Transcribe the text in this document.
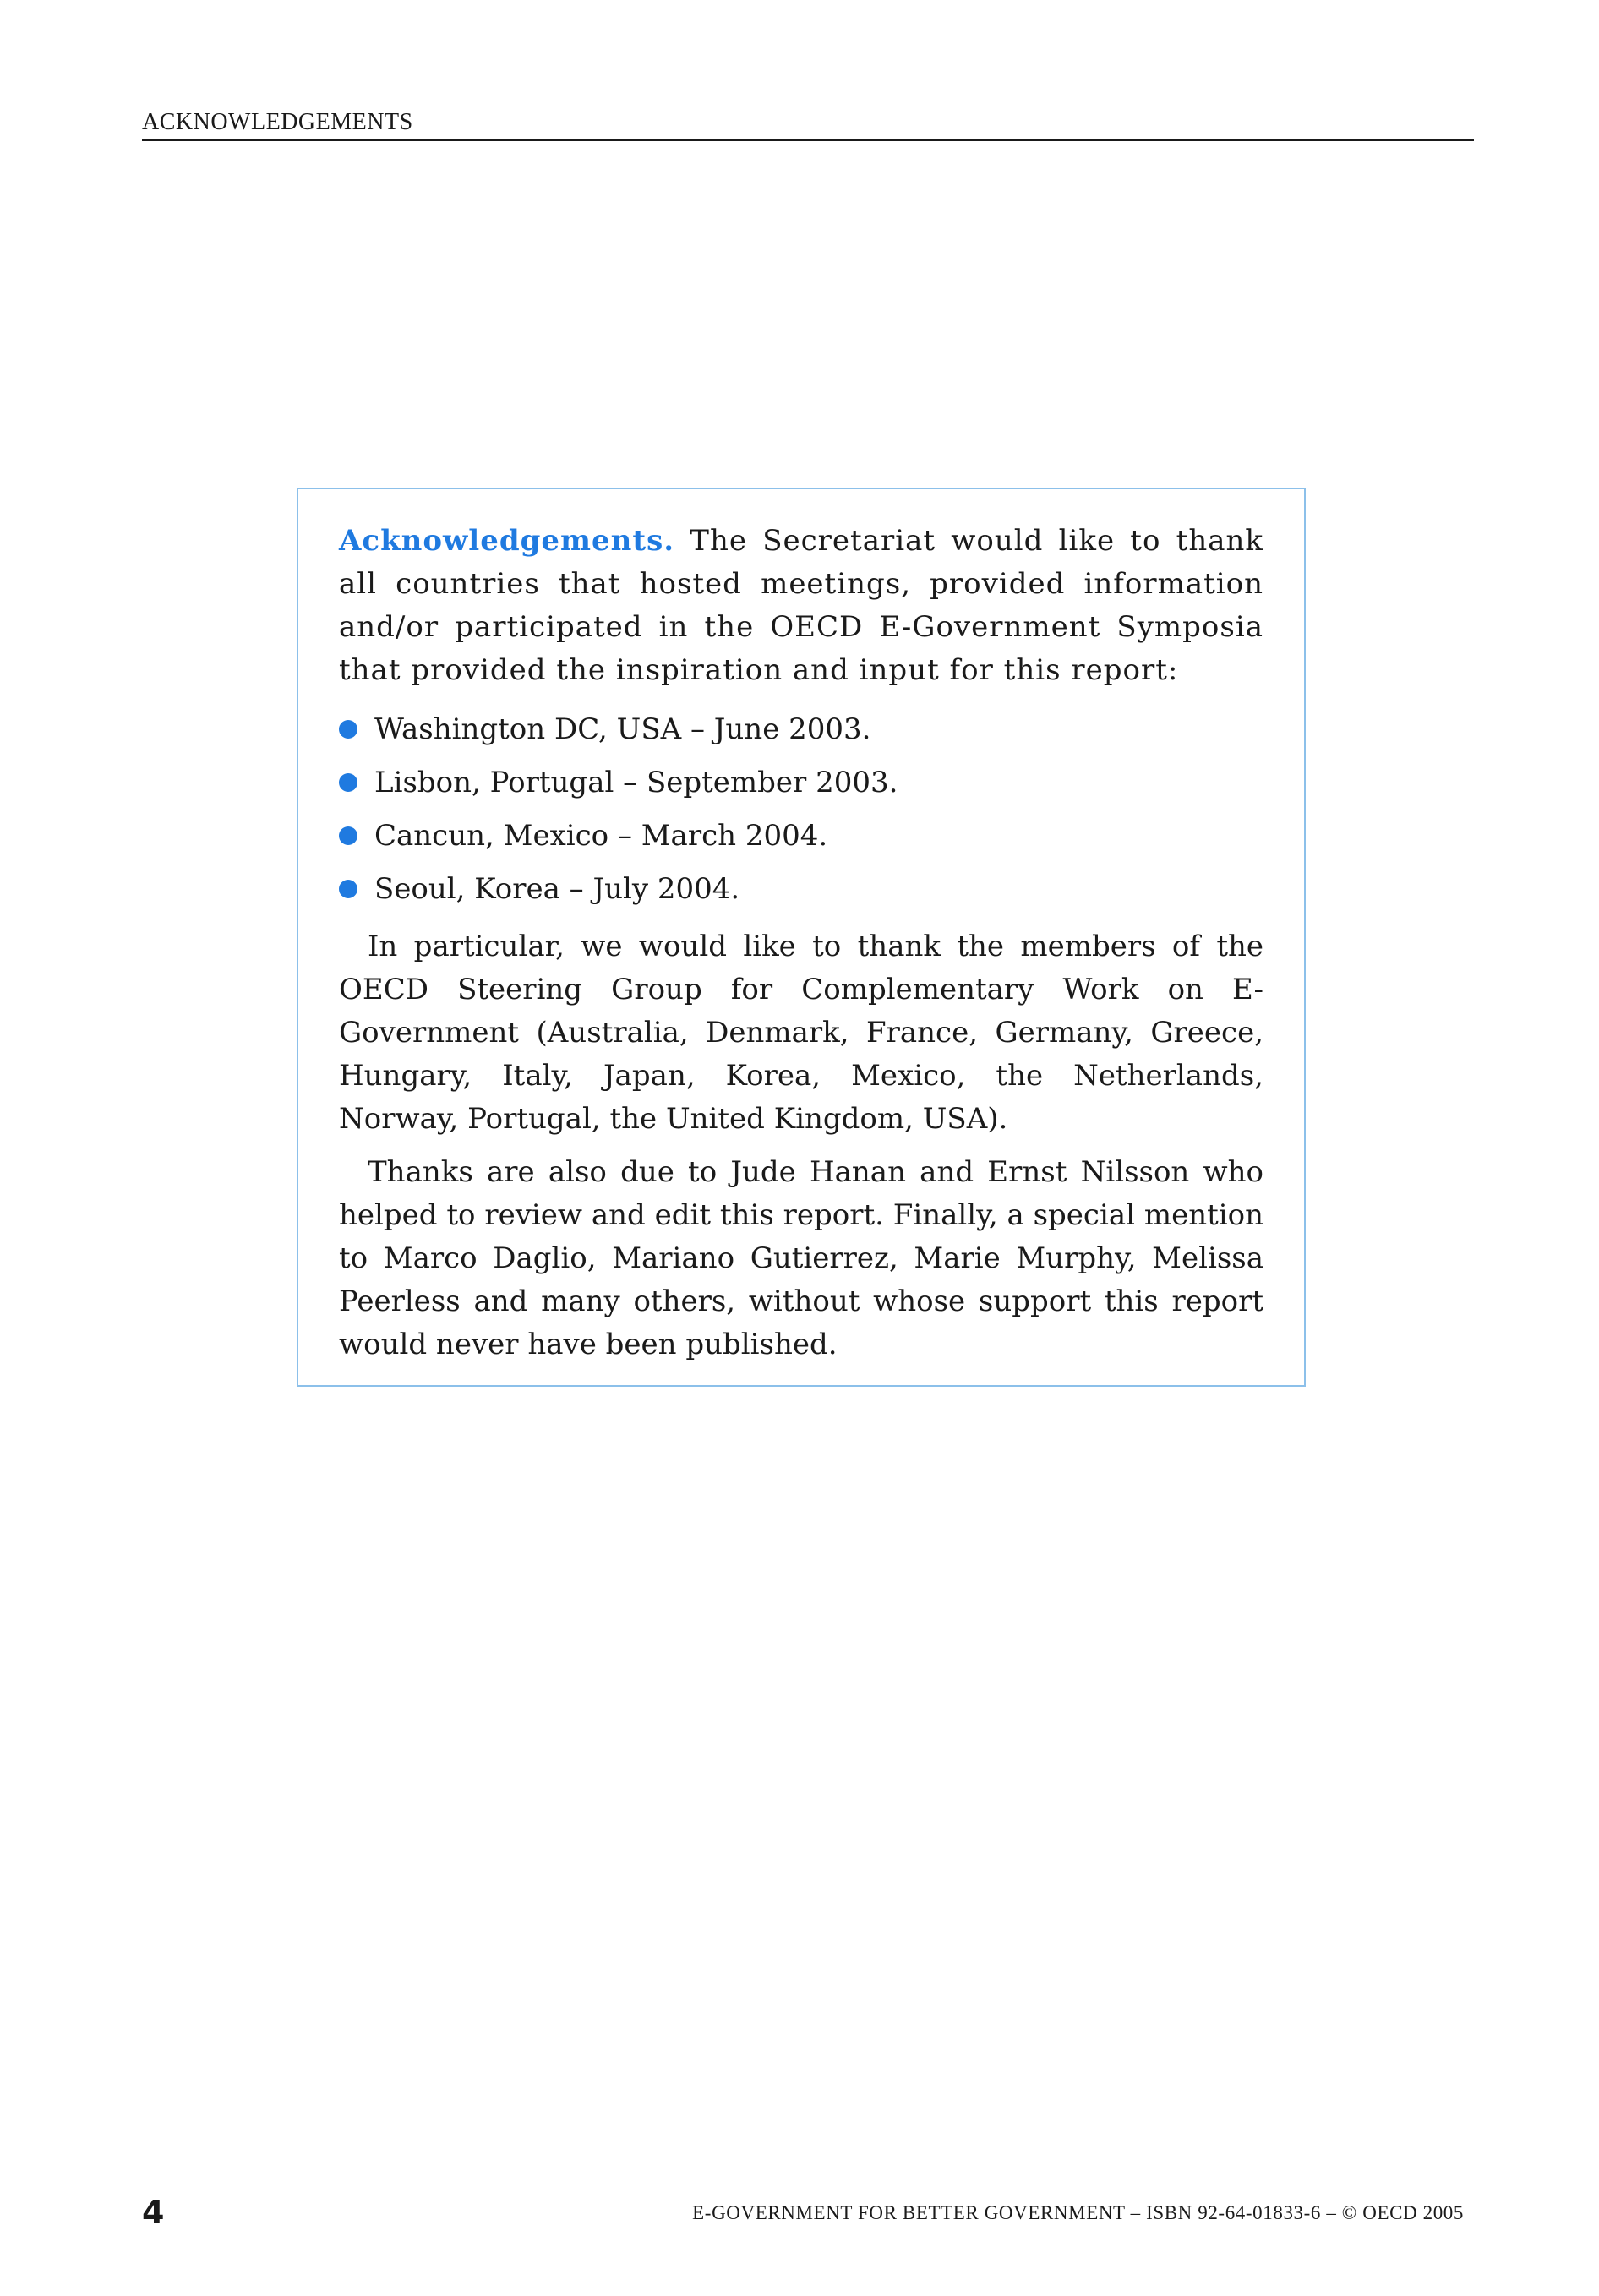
ACKNOWLEDGEMENTS

Acknowledgements. The Secretariat would like to thank all countries that hosted meetings, provided information and/or participated in the OECD E-Government Symposia that provided the inspiration and input for this report:

Washington DC, USA – June 2003.
Lisbon, Portugal – September 2003.
Cancun, Mexico – March 2004.
Seoul, Korea – July 2004.

In particular, we would like to thank the members of the OECD Steering Group for Complementary Work on E-Government (Australia, Denmark, France, Germany, Greece, Hungary, Italy, Japan, Korea, Mexico, the Netherlands, Norway, Portugal, the United Kingdom, USA).

Thanks are also due to Jude Hanan and Ernst Nilsson who helped to review and edit this report. Finally, a special mention to Marco Daglio, Mariano Gutierrez, Marie Murphy, Melissa Peerless and many others, without whose support this report would never have been published.

4	E-GOVERNMENT FOR BETTER GOVERNMENT – ISBN 92-64-01833-6 – © OECD 2005
